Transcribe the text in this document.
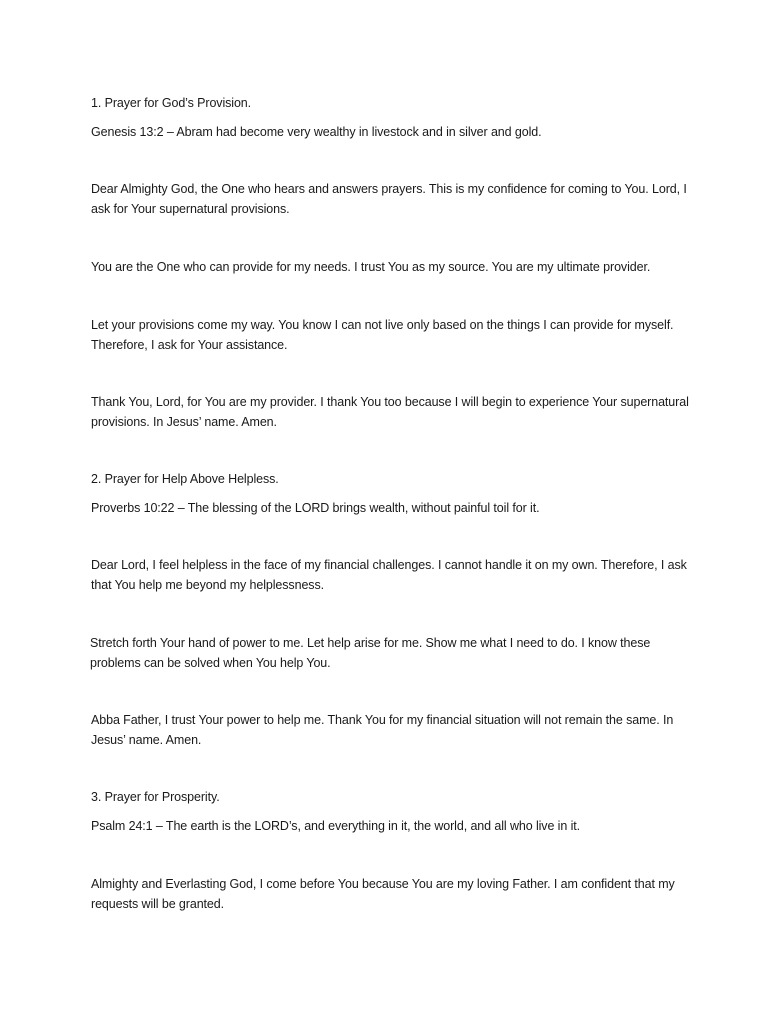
1. Prayer for God’s Provision.

Genesis 13:2 – Abram had become very wealthy in livestock and in silver and gold.

Dear Almighty God, the One who hears and answers prayers. This is my confidence for coming to You. Lord, I ask for Your supernatural provisions.

You are the One who can provide for my needs. I trust You as my source. You are my ultimate provider.

Let your provisions come my way. You know I can not live only based on the things I can provide for myself. Therefore, I ask for Your assistance.

Thank You, Lord, for You are my provider. I thank You too because I will begin to experience Your supernatural provisions. In Jesus’ name. Amen.

2. Prayer for Help Above Helpless.

Proverbs 10:22 – The blessing of the LORD brings wealth, without painful toil for it.

Dear Lord, I feel helpless in the face of my financial challenges. I cannot handle it on my own. Therefore, I ask that You help me beyond my helplessness.

Stretch forth Your hand of power to me. Let help arise for me. Show me what I need to do. I know these problems can be solved when You help You.

Abba Father, I trust Your power to help me. Thank You for my financial situation will not remain the same. In Jesus’ name. Amen.

3. Prayer for Prosperity.

Psalm 24:1 – The earth is the LORD’s, and everything in it, the world, and all who live in it.

Almighty and Everlasting God, I come before You because You are my loving Father. I am confident that my requests will be granted.
